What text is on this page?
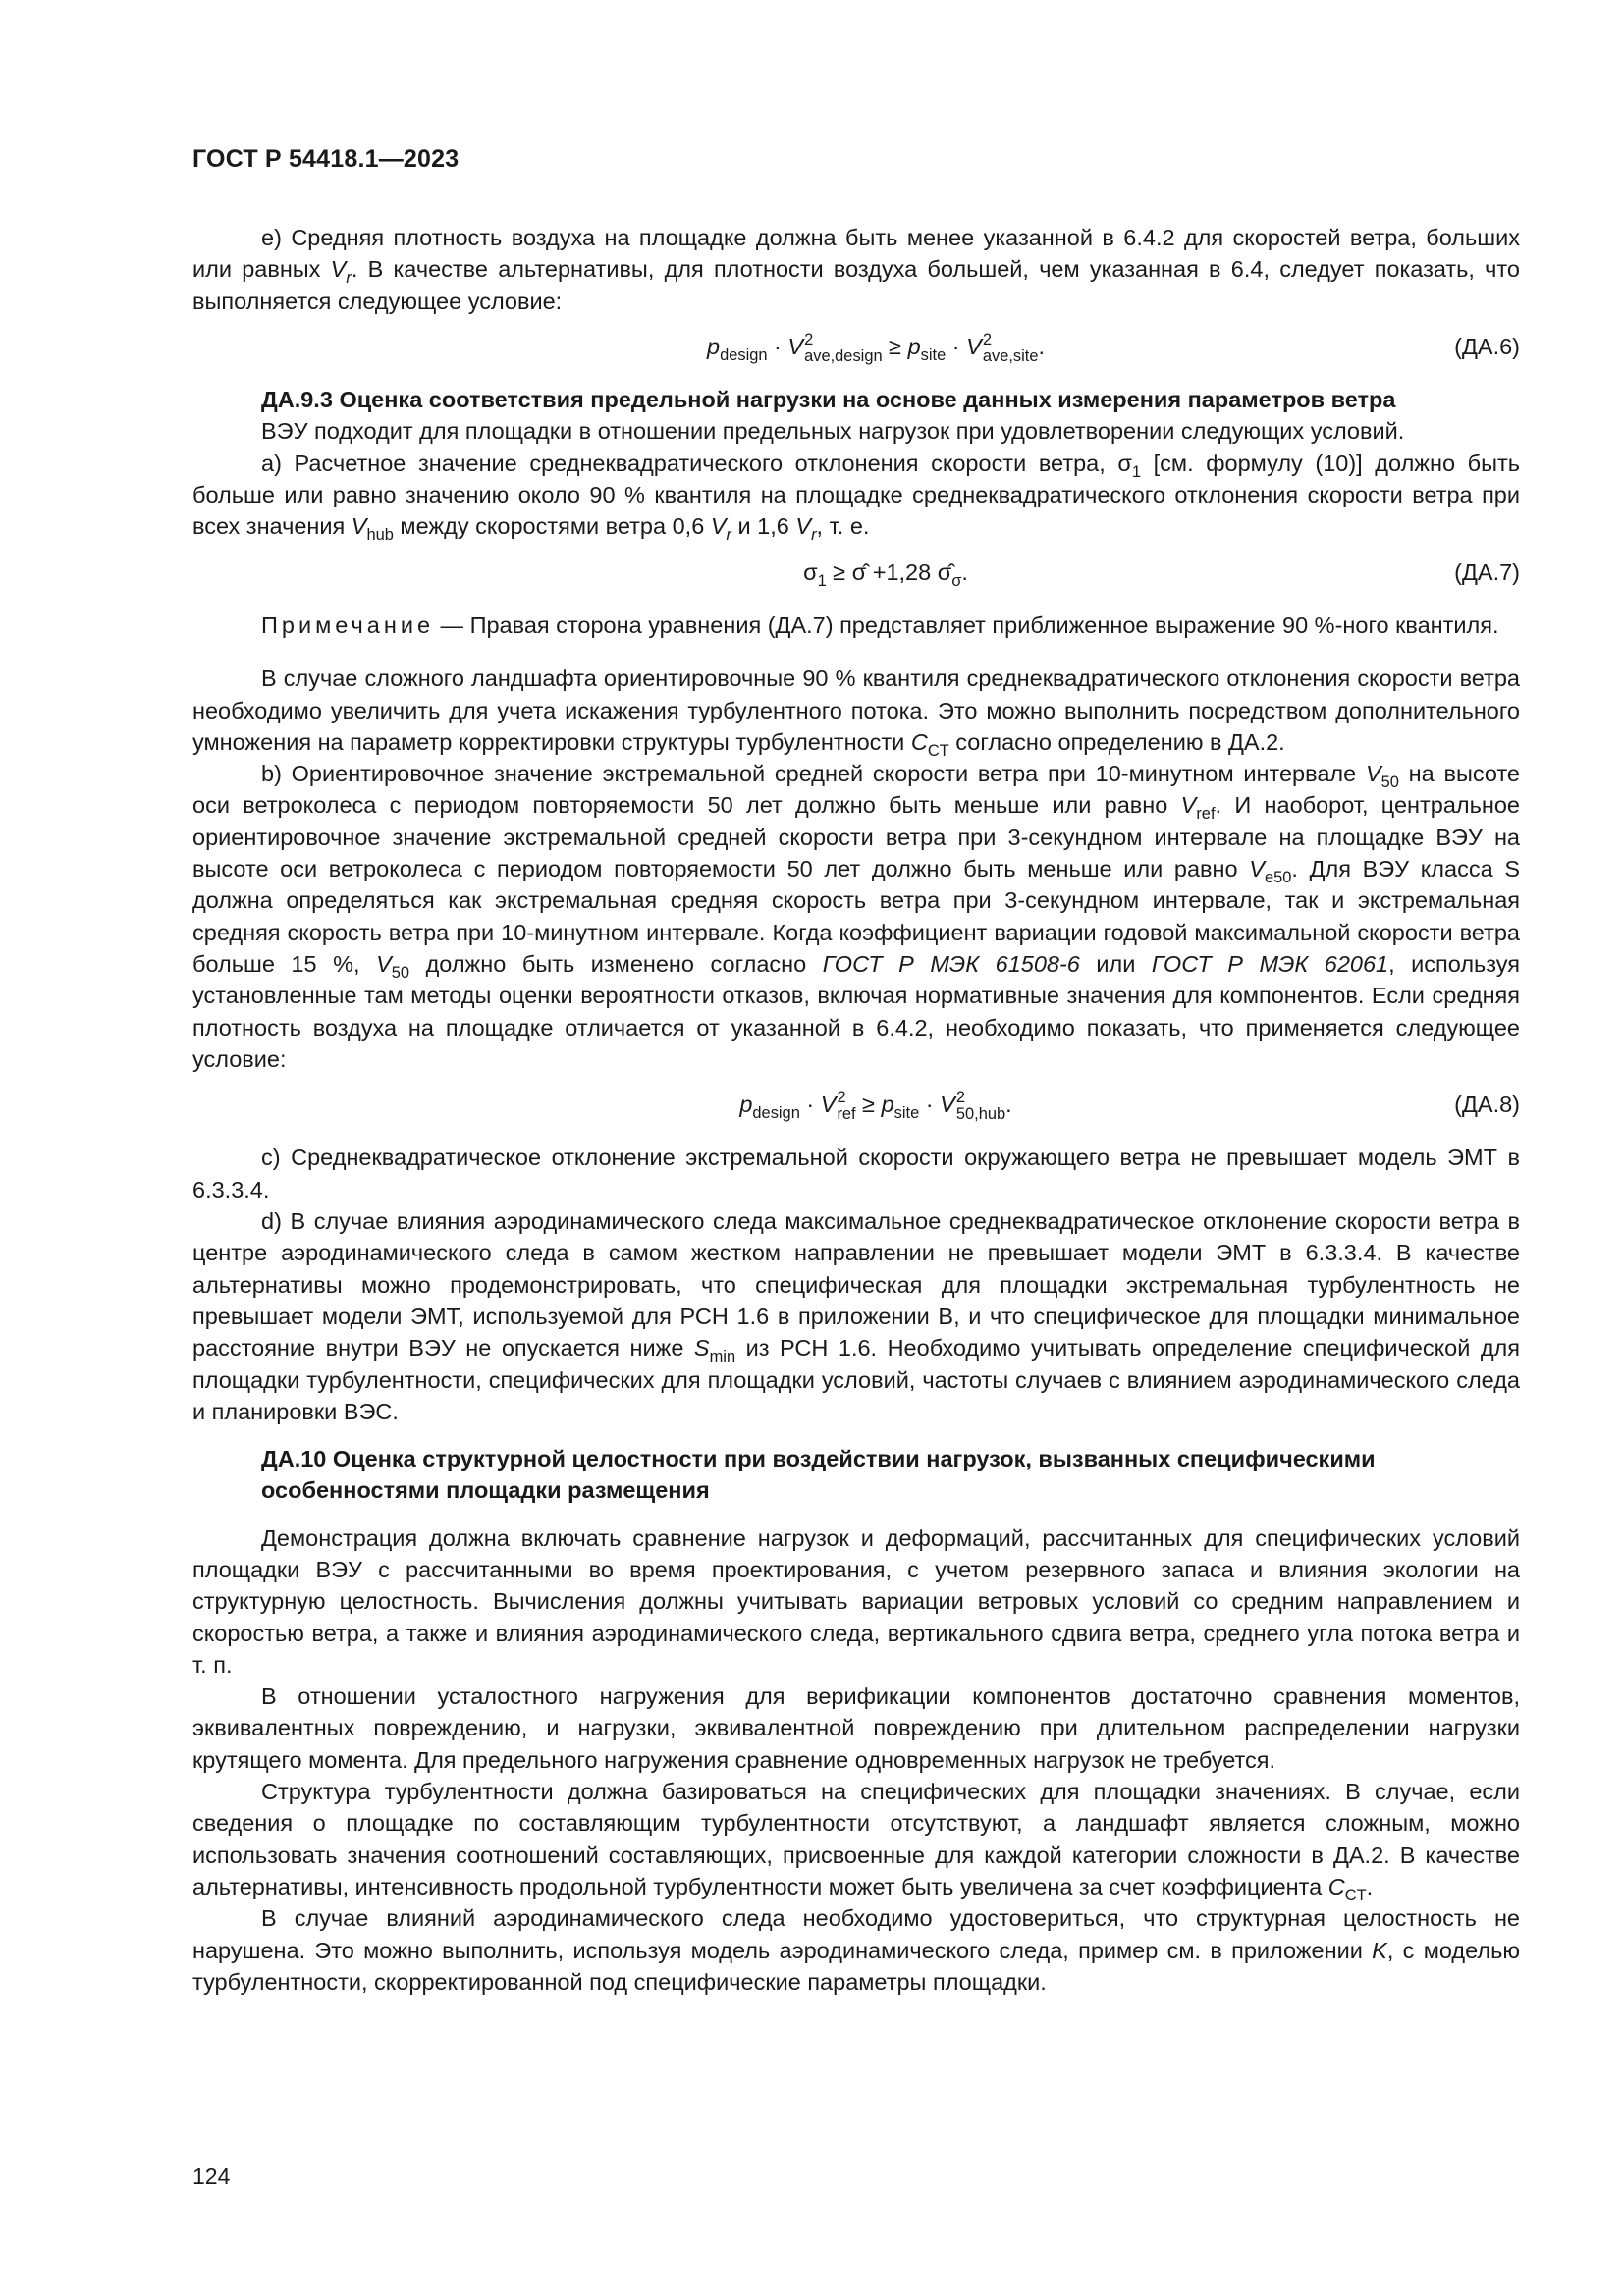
ГОСТ Р 54418.1—2023

e) Средняя плотность воздуха на площадке должна быть менее указанной в 6.4.2 для скоростей ветра, больших или равных $V_r$. В качестве альтернативы, для плотности воздуха большей, чем указанная в 6.4, следует показать, что выполняется следующее условие:

$p_{design} \cdot V$ 2
ave,design ≥ $p_{site} \cdot V$ 2
ave,site .	(ДА.6)

ДА.9.3 Оценка соответствия предельной нагрузки на основе данных измерения параметров ветра

ВЭУ подходит для площадки в отношении предельных нагрузок при удовлетворении следующих условий.

a) Расчетное значение среднеквадратического отклонения скорости ветра, $\sigma_1$ [см. формулу (10)] должно быть больше или равно значению около 90 % квантиля на площадке среднеквадратического отклонения скорости ветра при всех значения $V_{hub}$ между скоростями ветра 0,6 $V_r$ и 1,6 $V_r$, т. е.

$\sigma_1$ ≥ σ̂ +1,28 $\sigmâ_\sigma$.	(ДА.7)

Примечание — Правая сторона уравнения (ДА.7) представляет приближенное выражение 90 %-ного квантиля.

В случае сложного ландшафта ориентировочные 90 % квантиля среднеквадратического отклонения скорости ветра необходимо увеличить для учета искажения турбулентного потока. Это можно выполнить посредством дополнительного умножения на параметр корректировки структуры турбулентности $C_{CT}$ согласно определению в ДА.2.

b) Ориентировочное значение экстремальной средней скорости ветра при 10-минутном интервале $V_{50}$ на высоте оси ветроколеса с периодом повторяемости 50 лет должно быть меньше или равно $V_{ref}$. И наоборот, центральное ориентировочное значение экстремальной средней скорости ветра при 3-секундном интервале на площадке ВЭУ на высоте оси ветроколеса с периодом повторяемости 50 лет должно быть меньше или равно $V_{e50}$. Для ВЭУ класса S должна определяться как экстремальная средняя скорость ветра при 3-секундном интервале, так и экстремальная средняя скорость ветра при 10-минутном интервале. Когда коэффициент вариации годовой максимальной скорости ветра больше 15 %, $V_{50}$ должно быть изменено согласно ГОСТ Р МЭК 61508-6 или ГОСТ Р МЭК 62061, используя установленные там методы оценки вероятности отказов, включая нормативные значения для компонентов. Если средняя плотность воздуха на площадке отличается от указанной в 6.4.2, необходимо показать, что применяется следующее условие:

$p_{design} \cdot V$ 2
ref ≥ $p_{site} \cdot V$ 2
50,hub .	(ДА.8)

c) Среднеквадратическое отклонение экстремальной скорости окружающего ветра не превышает модель ЭМТ в 6.3.3.4.

d) В случае влияния аэродинамического следа максимальное среднеквадратическое отклонение скорости ветра в центре аэродинамического следа в самом жестком направлении не превышает модели ЭМТ в 6.3.3.4. В качестве альтернативы можно продемонстрировать, что специфическая для площадки экстремальная турбулентность не превышает модели ЭМТ, используемой для РСН 1.6 в приложении В, и что специфическое для площадки минимальное расстояние внутри ВЭУ не опускается ниже $S_{min}$ из РСН 1.6. Необходимо учитывать определение специфической для площадки турбулентности, специфических для площадки условий, частоты случаев с влиянием аэродинамического следа и планировки ВЭС.

ДА.10 Оценка структурной целостности при воздействии нагрузок, вызванных специфическими особенностями площадки размещения

Демонстрация должна включать сравнение нагрузок и деформаций, рассчитанных для специфических условий площадки ВЭУ с рассчитанными во время проектирования, с учетом резервного запаса и влияния экологии на структурную целостность. Вычисления должны учитывать вариации ветровых условий со средним направлением и скоростью ветра, а также и влияния аэродинамического следа, вертикального сдвига ветра, среднего угла потока ветра и т. п.

В отношении усталостного нагружения для верификации компонентов достаточно сравнения моментов, эквивалентных повреждению, и нагрузки, эквивалентной повреждению при длительном распределении нагрузки крутящего момента. Для предельного нагружения сравнение одновременных нагрузок не требуется.

Структура турбулентности должна базироваться на специфических для площадки значениях. В случае, если сведения о площадке по составляющим турбулентности отсутствуют, а ландшафт является сложным, можно использовать значения соотношений составляющих, присвоенные для каждой категории сложности в ДА.2. В качестве альтернативы, интенсивность продольной турбулентности может быть увеличена за счет коэффициента $C_{CT}$.

В случае влияний аэродинамического следа необходимо удостовериться, что структурная целостность не нарушена. Это можно выполнить, используя модель аэродинамического следа, пример см. в приложении K, с моделью турбулентности, скорректированной под специфические параметры площадки.

124
